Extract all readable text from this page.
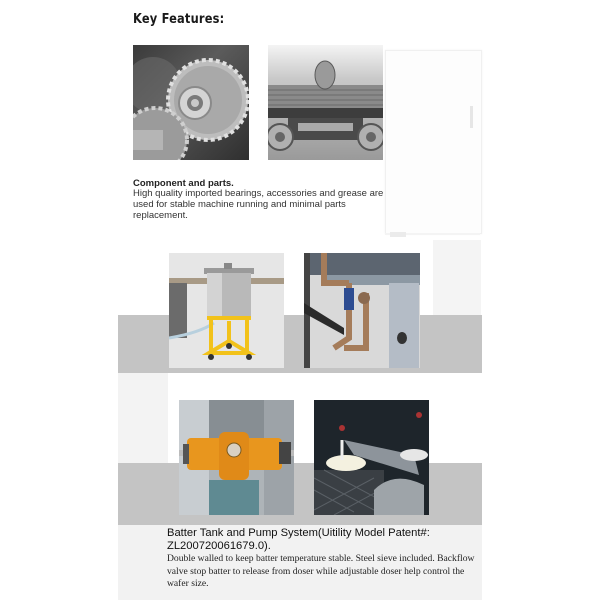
Key Features:
Component and parts.
High quality imported bearings, accessories and grease are used for stable machine running and minimal parts replacement.
Batter Tank and Pump System(Uitility Model Patent#: ZL200720061679.0).
Double walled to keep batter temperature stable. Steel sieve included. Backflow valve stop batter to release from doser while adjustable doser help control the wafer size.
